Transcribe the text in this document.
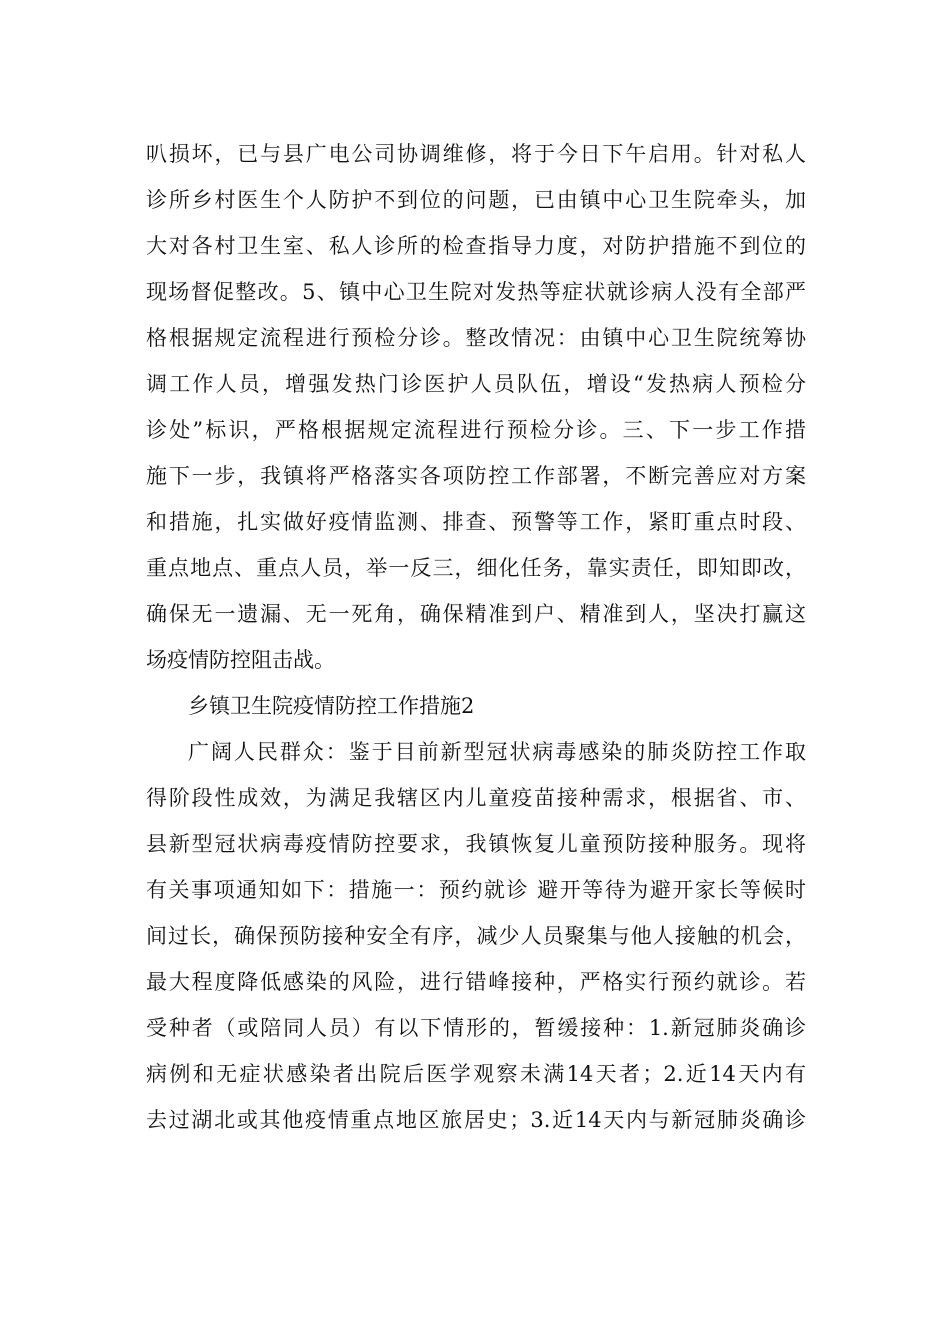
叭损坏，已与县广电公司协调维修，将于今日下午启用。针对私人
诊所乡村医生个人防护不到位的问题，已由镇中心卫生院牵头，加
大对各村卫生室、私人诊所的检查指导力度，对防护措施不到位的
现场督促整改。5、镇中心卫生院对发热等症状就诊病人没有全部严
格根据规定流程进行预检分诊。整改情况：由镇中心卫生院统筹协
调工作人员，增强发热门诊医护人员队伍，增设“发热病人预检分
诊处”标识，严格根据规定流程进行预检分诊。三、下一步工作措
施下一步，我镇将严格落实各项防控工作部署，不断完善应对方案
和措施，扎实做好疫情监测、排查、预警等工作，紧盯重点时段、
重点地点、重点人员，举一反三，细化任务，靠实责任，即知即改，
确保无一遗漏、无一死角，确保精准到户、精准到人，坚决打赢这
场疫情防控阻击战。
乡镇卫生院疫情防控工作措施2
广阔人民群众：鉴于目前新型冠状病毒感染的肺炎防控工作取
得阶段性成效，为满足我辖区内儿童疫苗接种需求，根据省、市、
县新型冠状病毒疫情防控要求，我镇恢复儿童预防接种服务。现将
有关事项通知如下：措施一：预约就诊 避开等待为避开家长等候时
间过长，确保预防接种安全有序，减少人员聚集与他人接触的机会，
最大程度降低感染的风险，进行错峰接种，严格实行预约就诊。若
受种者（或陪同人员）有以下情形的，暂缓接种：1.新冠肺炎确诊
病例和无症状感染者出院后医学观察未满14天者；2.近14天内有
去过湖北或其他疫情重点地区旅居史；3.近14天内与新冠肺炎确诊
